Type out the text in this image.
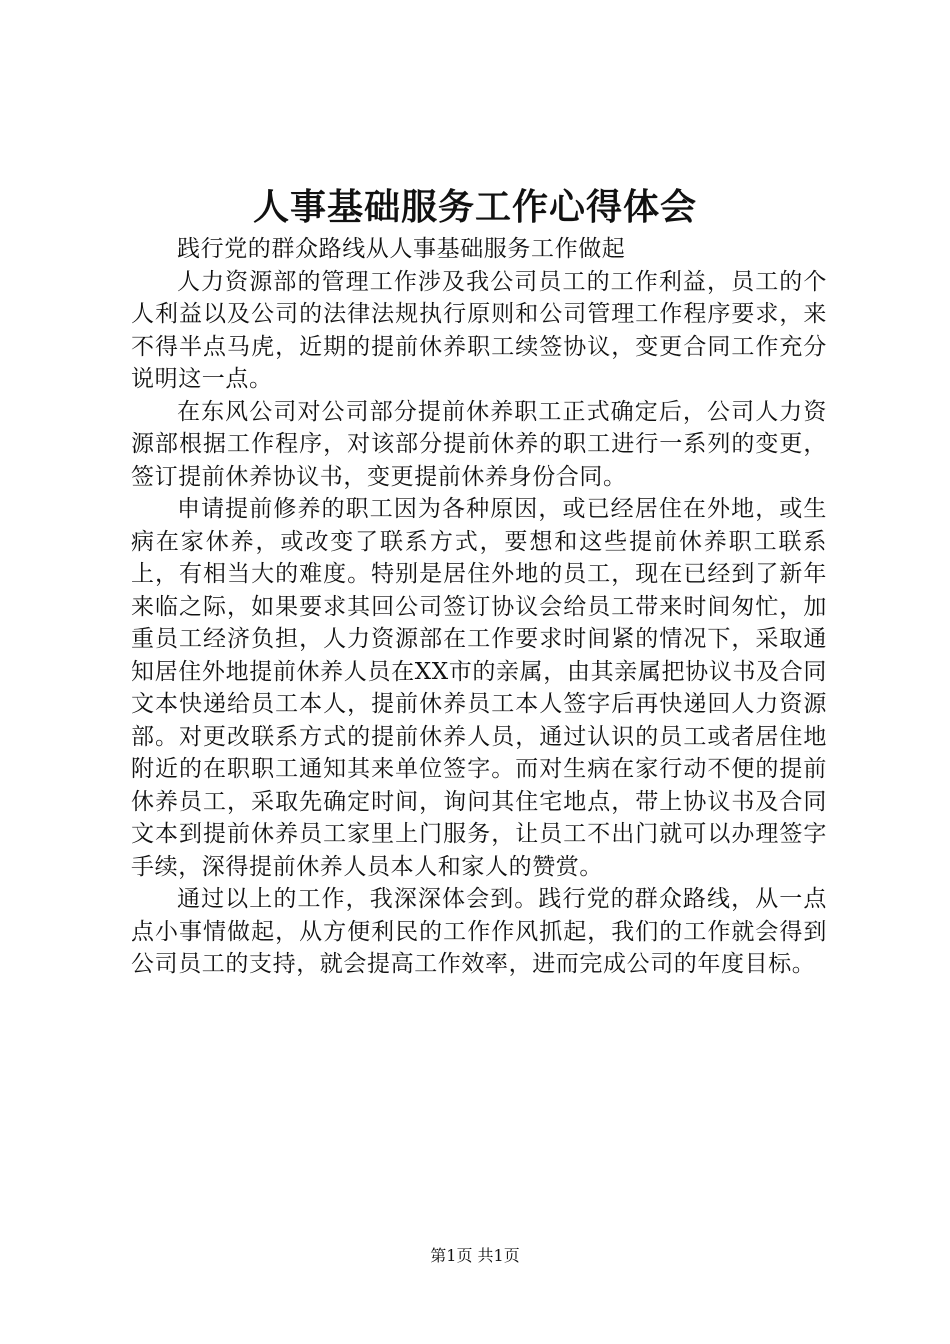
人事基础服务工作心得体会

践行党的群众路线从人事基础服务工作做起

人力资源部的管理工作涉及我公司员工的工作利益，员工的个人利益以及公司的法律法规执行原则和公司管理工作程序要求，来不得半点马虎，近期的提前休养职工续签协议，变更合同工作充分说明这一点。

在东风公司对公司部分提前休养职工正式确定后，公司人力资源部根据工作程序，对该部分提前休养的职工进行一系列的变更，签订提前休养协议书，变更提前休养身份合同。

申请提前修养的职工因为各种原因，或已经居住在外地，或生病在家休养，或改变了联系方式，要想和这些提前休养职工联系上，有相当大的难度。特别是居住外地的员工，现在已经到了新年来临之际，如果要求其回公司签订协议会给员工带来时间匆忙，加重员工经济负担，人力资源部在工作要求时间紧的情况下，采取通知居住外地提前休养人员在XX市的亲属，由其亲属把协议书及合同文本快递给员工本人，提前休养员工本人签字后再快递回人力资源部。对更改联系方式的提前休养人员，通过认识的员工或者居住地附近的在职职工通知其来单位签字。而对生病在家行动不便的提前休养员工，采取先确定时间，询问其住宅地点，带上协议书及合同文本到提前休养员工家里上门服务，让员工不出门就可以办理签字手续，深得提前休养人员本人和家人的赞赏。

通过以上的工作，我深深体会到。践行党的群众路线，从一点点小事情做起，从方便利民的工作作风抓起，我们的工作就会得到公司员工的支持，就会提高工作效率，进而完成公司的年度目标。

第1页 共1页
